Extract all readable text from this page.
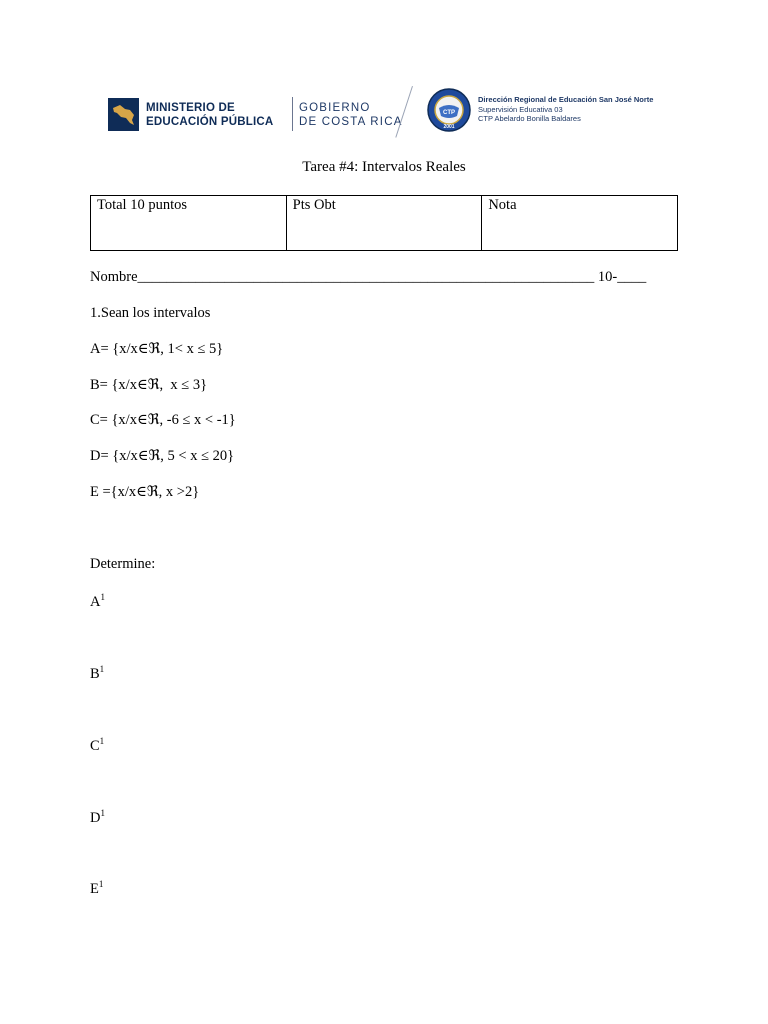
MINISTERIO DE
EDUCACIÓN PÚBLICA
GOBIERNO
DE COSTA RICA
CTP
2001
Dirección Regional de Educación San José Norte
Supervisión Educativa 03
CTP Abelardo Bonilla Baldares
Tarea #4: Intervalos Reales
Total 10 puntos	Pts Obt	Nota
Nombre_______________________________________________________________ 10-____
1.Sean los intervalos
A= {x/x∈ℜ, 1< x ≤ 5}
B= {x/x∈ℜ,  x ≤ 3}
C= {x/x∈ℜ, -6 ≤ x < -1}
D= {x/x∈ℜ, 5 < x ≤ 20}
E ={x/x∈ℜ, x >2}
Determine:
$A^1$
$B^1$
$C^1$
$D^1$
$E^1$
